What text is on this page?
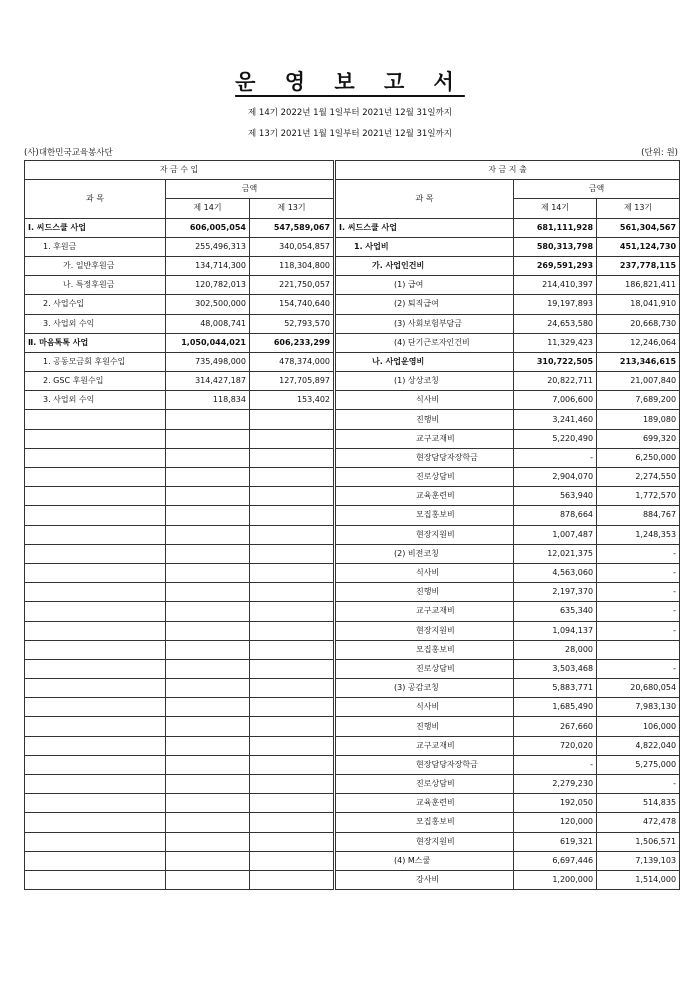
운 영 보 고 서
제 14기 2022년 1월 1일부터 2021년 12월 31일까지
제 13기 2021년 1월 1일부터 2021년 12월 31일까지
(사)대한민국교육봉사단	(단위: 원)
자 금 수 입				자 금 지 출		
과 목	금액			과 목	금액	
	제 14기	제 13기			제 14기	제 13기
Ⅰ. 씨드스쿨 사업	606,005,054	547,589,067		Ⅰ. 씨드스쿨 사업	681,111,928	561,304,567
1. 후원금	255,496,313	340,054,857		1. 사업비	580,313,798	451,124,730
가. 일반후원금	134,714,300	118,304,800		가. 사업인건비	269,591,293	237,778,115
나. 특정후원금	120,782,013	221,750,057		(1) 급여	214,410,397	186,821,411
2. 사업수입	302,500,000	154,740,640		(2) 퇴직급여	19,197,893	18,041,910
3. 사업외 수익	48,008,741	52,793,570		(3) 사회보험부담금	24,653,580	20,668,730
Ⅱ. 마음톡톡 사업	1,050,044,021	606,233,299		(4) 단기근로자인건비	11,329,423	12,246,064
1. 공동모금회 후원수입	735,498,000	478,374,000		나. 사업운영비	310,722,505	213,346,615
2. GSC 후원수입	314,427,187	127,705,897		(1) 상상코칭	20,822,711	21,007,840
3. 사업외 수익	118,834	153,402		식사비	7,006,600	7,689,200
				진행비	3,241,460	189,080
				교구교재비	5,220,490	699,320
				현장담당자장학금	-	6,250,000
				진로상담비	2,904,070	2,274,550
				교육훈련비	563,940	1,772,570
				모집홍보비	878,664	884,767
				현장지원비	1,007,487	1,248,353
				(2) 비전코칭	12,021,375	-
				식사비	4,563,060	-
				진행비	2,197,370	-
				교구교재비	635,340	-
				현장지원비	1,094,137	-
				모집홍보비	28,000	
				진로상담비	3,503,468	-
				(3) 공감코칭	5,883,771	20,680,054
				식사비	1,685,490	7,983,130
				진행비	267,660	106,000
				교구교재비	720,020	4,822,040
				현장담당자장학금	-	5,275,000
				진로상담비	2,279,230	-
				교육훈련비	192,050	514,835
				모집홍보비	120,000	472,478
				현장지원비	619,321	1,506,571
				(4) M스쿨	6,697,446	7,139,103
				강사비	1,200,000	1,514,000
